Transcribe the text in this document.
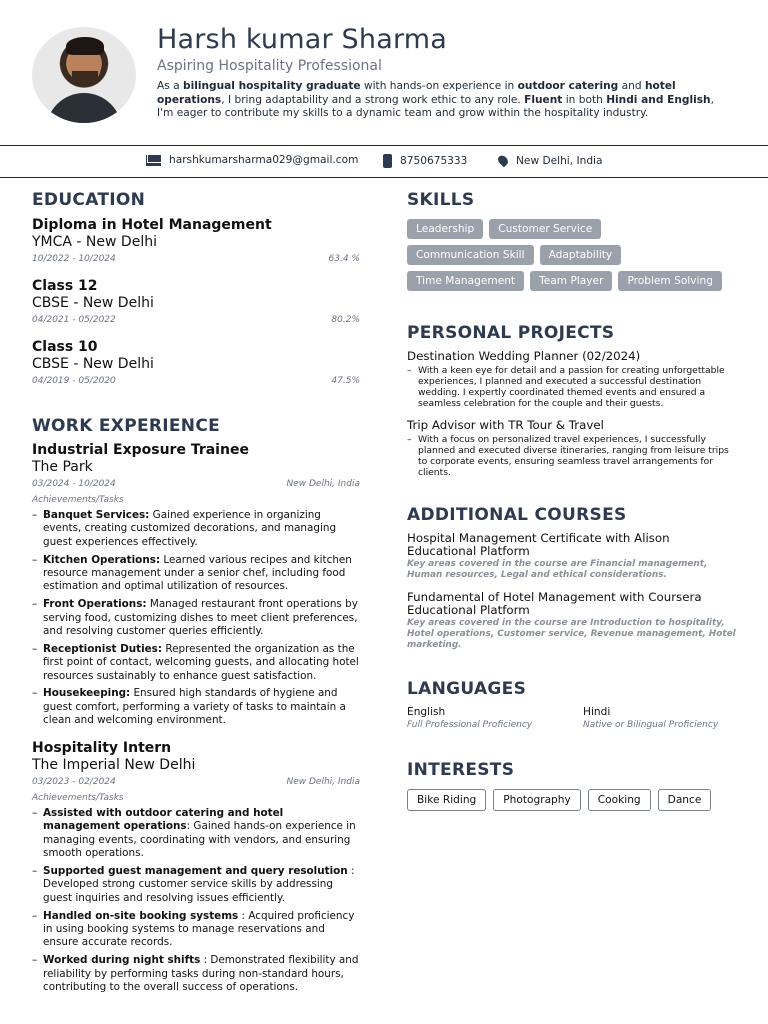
Harsh kumar Sharma
Aspiring Hospitality Professional
As a bilingual hospitality graduate with hands-on experience in outdoor catering and hotel operations, I bring adaptability and a strong work ethic to any role. Fluent in both Hindi and English, I'm eager to contribute my skills to a dynamic team and grow within the hospitality industry.
harshkumarsharma029@gmail.com	8750675333	New Delhi, India
EDUCATION
Diploma in Hotel Management
YMCA - New Delhi
10/2022 - 10/2024	63.4 %
Class 12
CBSE - New Delhi
04/2021 - 05/2022	80.2%
Class 10
CBSE - New Delhi
04/2019 - 05/2020	47.5%
WORK EXPERIENCE
Industrial Exposure Trainee
The Park
03/2024 - 10/2024	New Delhi, India
Achievements/Tasks
– Banquet Services: Gained experience in organizing events, creating customized decorations, and managing guest experiences effectively.
– Kitchen Operations: Learned various recipes and kitchen resource management under a senior chef, including food estimation and optimal utilization of resources.
– Front Operations: Managed restaurant front operations by serving food, customizing dishes to meet client preferences, and resolving customer queries efficiently.
– Receptionist Duties: Represented the organization as the first point of contact, welcoming guests, and allocating hotel resources sustainably to enhance guest satisfaction.
– Housekeeping: Ensured high standards of hygiene and guest comfort, performing a variety of tasks to maintain a clean and welcoming environment.
Hospitality Intern
The Imperial New Delhi
03/2023 - 02/2024	New Delhi, India
Achievements/Tasks
– Assisted with outdoor catering and hotel management operations: Gained hands-on experience in managing events, coordinating with vendors, and ensuring smooth operations.
– Supported guest management and query resolution : Developed strong customer service skills by addressing guest inquiries and resolving issues efficiently.
– Handled on-site booking systems : Acquired proficiency in using booking systems to manage reservations and ensure accurate records.
– Worked during night shifts : Demonstrated flexibility and reliability by performing tasks during non-standard hours, contributing to the overall success of operations.
SKILLS
Leadership	Customer Service
Communication Skill	Adaptability
Time Management	Team Player	Problem Solving
PERSONAL PROJECTS
Destination Wedding Planner (02/2024)
– With a keen eye for detail and a passion for creating unforgettable experiences, I planned and executed a successful destination wedding. I expertly coordinated themed events and ensured a seamless celebration for the couple and their guests.
Trip Advisor with TR Tour & Travel
– With a focus on personalized travel experiences, I successfully planned and executed diverse itineraries, ranging from leisure trips to corporate events, ensuring seamless travel arrangements for clients.
ADDITIONAL COURSES
Hospital Management Certificate with Alison Educational Platform
Key areas covered in the course are Financial management, Human resources, Legal and ethical considerations.
Fundamental of Hotel Management with Coursera Educational Platform
Key areas covered in the course are Introduction to hospitality, Hotel operations, Customer service, Revenue management, Hotel marketing.
LANGUAGES
English
Full Professional Proficiency
Hindi
Native or Bilingual Proficiency
INTERESTS
Bike Riding	Photography	Cooking	Dance
